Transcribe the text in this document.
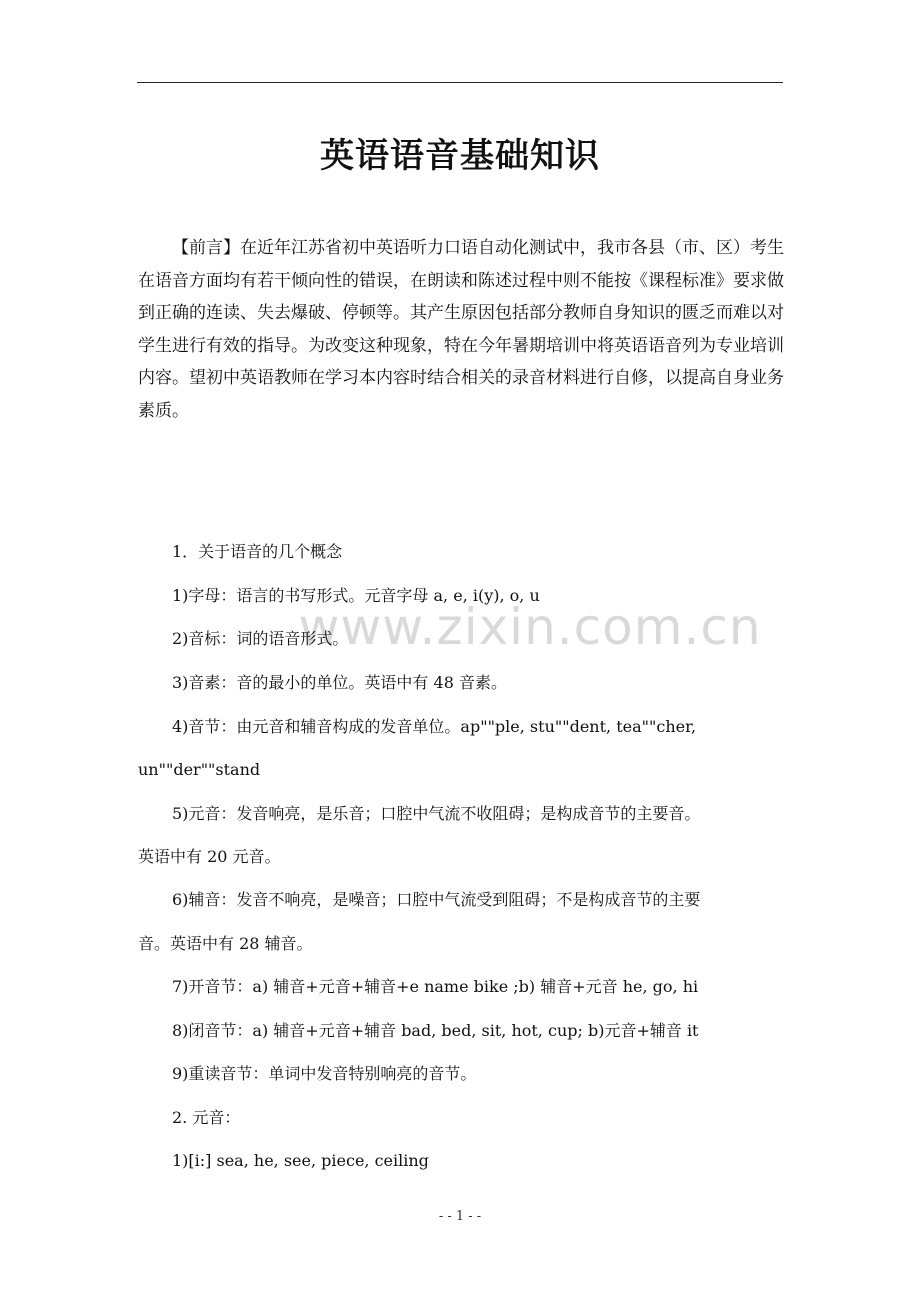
英语语音基础知识

【前言】在近年江苏省初中英语听力口语自动化测试中，我市各县（市、区）考生在语音方面均有若干倾向性的错误，在朗读和陈述过程中则不能按《课程标准》要求做到正确的连读、失去爆破、停顿等。其产生原因包括部分教师自身知识的匮乏而难以对学生进行有效的指导。为改变这种现象，特在今年暑期培训中将英语语音列为专业培训内容。望初中英语教师在学习本内容时结合相关的录音材料进行自修，以提高自身业务素质。

www.zixin.com.cn

1．关于语音的几个概念

1)字母：语言的书写形式。元音字母 a, e, i(y), o, u

2)音标：词的语音形式。

3)音素：音的最小的单位。英语中有 48 音素。

4)音节：由元音和辅音构成的发音单位。ap""ple, stu""dent, tea""cher,

un""der""stand

5)元音：发音响亮，是乐音；口腔中气流不收阻碍；是构成音节的主要音。

英语中有 20 元音。

6)辅音：发音不响亮，是噪音；口腔中气流受到阻碍；不是构成音节的主要

音。英语中有 28 辅音。

7)开音节：a) 辅音+元音+辅音+e name bike ;b) 辅音+元音 he, go, hi

8)闭音节：a) 辅音+元音+辅音 bad, bed, sit, hot, cup; b)元音+辅音 it

9)重读音节：单词中发音特别响亮的音节。

2. 元音：

1)[i:] sea, he, see, piece, ceiling

- - 1 - -
